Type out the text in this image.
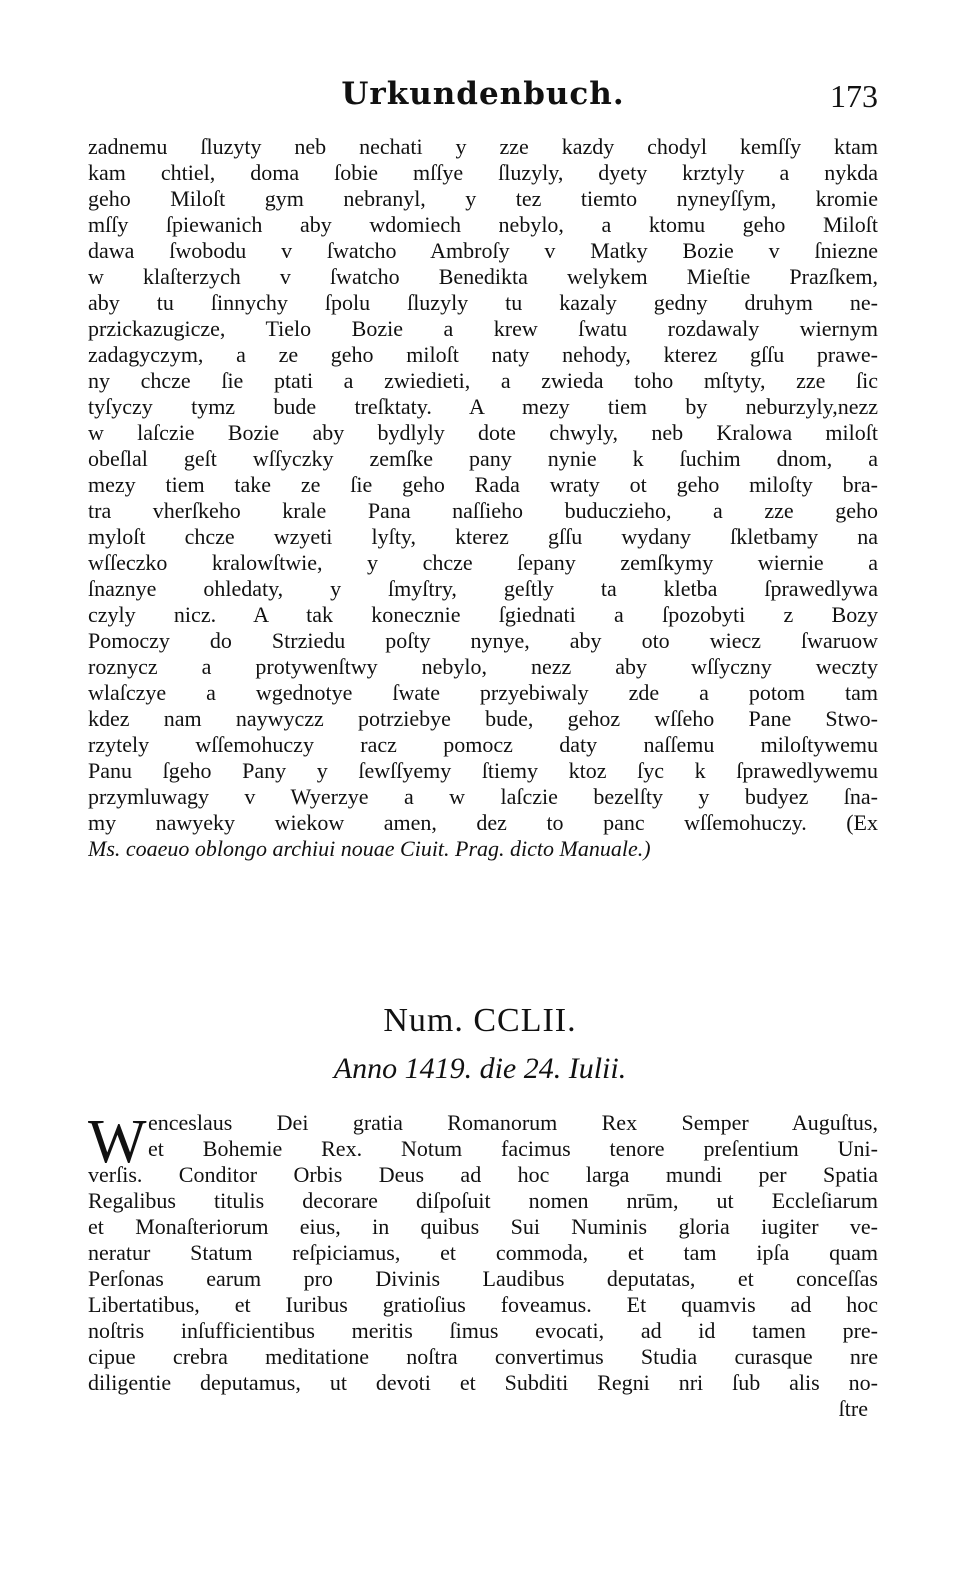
Urkundenbuch.	173
zadnemu ſluzyty neb nechati y zze kazdy chodyl kemſſy ktam
kam chtiel, doma ſobie mſſye ſluzyly, dyety krztyly a nykda
geho Miloſt gym nebranyl, y tez tiemto nyneyſſym, kromie
mſſy ſpiewanich aby wdomiech nebylo, a ktomu geho Miloſt
dawa ſwobodu v ſwatcho Ambroſy v Matky Bozie v ſniezne
w klaſterzych v ſwatcho Benedikta welykem Mieſtie Prazſkem,
aby tu ſinnychy ſpolu ſluzyly tu kazaly gedny druhym ne-
przickazugicze, Tielo Bozie a krew ſwatu rozdawaly wiernym
zadagyczym, a ze geho miloſt naty nehody, kterez gſſu prawe-
ny chcze ſie ptati a zwiedieti, a zwieda toho mſtyty, zze ſic
tyſyczy tymz bude treſktaty. A mezy tiem by neburzyly,nezz
w laſczie Bozie aby bydlyly dote chwyly, neb Kralowa miloſt
obeſlal geſt wſſyczky zemſke pany nynie k ſuchim dnom, a
mezy tiem take ze ſie geho Rada wraty ot geho miloſty bra-
tra vherſkeho krale Pana naſſieho buduczieho, a zze geho
myloſt chcze wzyeti lyſty, kterez gſſu wydany ſkletbamy na
wſſeczko kralowſtwie, y chcze ſepany zemſkymy wiernie a
ſnaznye ohledaty, y ſmyſtry, geſtly ta kletba ſprawedlywa
czyly nicz. A tak konecznie ſgiednati a ſpozobyti z Bozy
Pomoczy do Strziedu poſty nynye, aby oto wiecz ſwaruow
roznycz a protywenſtwy nebylo, nezz aby wſſyczny weczty
wlaſczye a wgednotye ſwate przyebiwaly zde a potom tam
kdez nam naywyczz potrziebye bude, gehoz wſſeho Pane Stwo-
rzytely wſſemohuczy racz pomocz daty naſſemu miloſtywemu
Panu ſgeho Pany y ſewſſyemy ſtiemy ktoz ſyc k ſprawedlywemu
przymluwagy v Wyerzye a w laſczie bezelſty y budyez ſna-
my nawyeky wiekow amen, dez to panc wſſemohuczy. (Ex
Ms. coaeuo oblongo archiui nouae Ciuit. Prag. dicto Manuale.)
Num. CCLII.
Anno 1419. die 24. Iulii.
W enceslaus Dei gratia Romanorum Rex Semper Auguſtus,
et Bohemie Rex. Notum facimus tenore preſentium Uni-
verſis. Conditor Orbis Deus ad hoc larga mundi per Spatia
Regalibus titulis decorare diſpoſuit nomen nrūm, ut Eccleſiarum
et Monaſteriorum eius, in quibus Sui Numinis gloria iugiter ve-
neratur Statum reſpiciamus, et commoda, et tam ipſa quam
Perſonas earum pro Divinis Laudibus deputatas, et conceſſas
Libertatibus, et Iuribus gratioſius foveamus. Et quamvis ad hoc
noſtris inſufficientibus meritis ſimus evocati, ad id tamen pre-
cipue crebra meditatione noſtra convertimus Studia curasque nre
diligentie deputamus, ut devoti et Subditi Regni nri ſub alis no-
ſtre
